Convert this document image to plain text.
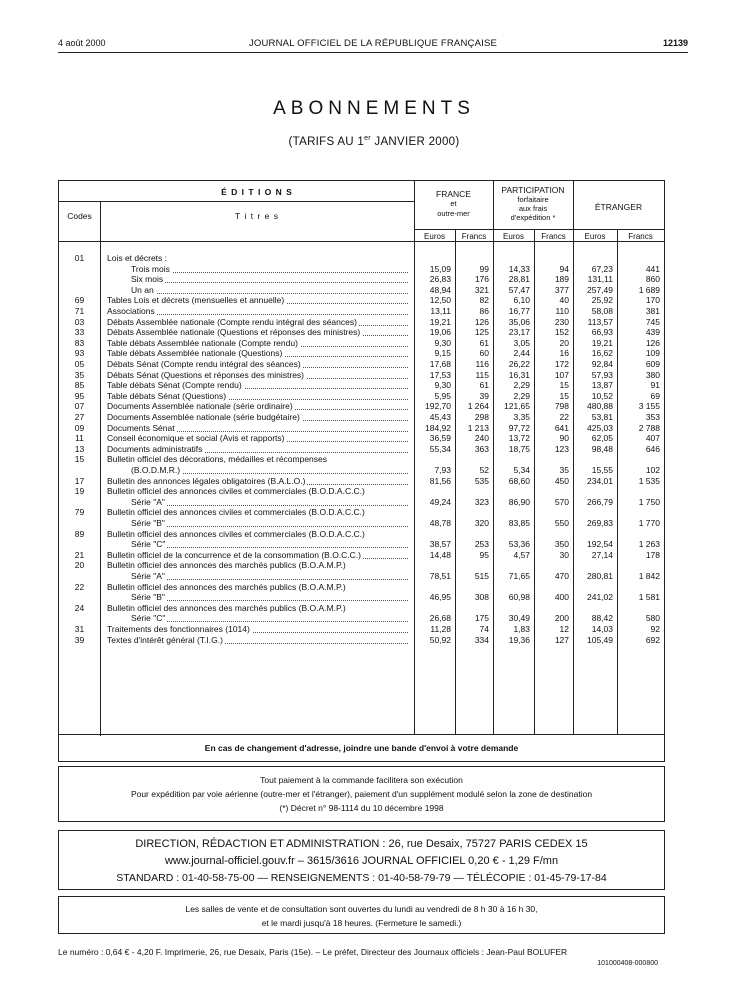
4 août 2000	JOURNAL OFFICIEL DE LA RÉPUBLIQUE FRANÇAISE	12139
ABONNEMENTS
(TARIFS AU 1er JANVIER 2000)
É D I T I O N S
Codes	T i t r e s
FRANCE
et
outre-mer
PARTICIPATION
forfaitaire
aux frais
d'expédition *
ÉTRANGER
Euros	Francs	Euros	Francs	Euros	Francs
01	Lois et décrets :
Trois mois	15,09	99	14,33	94	67,23	441
Six mois	26,83	176	28,81	189	131,11	860
Un an	48,94	321	57,47	377	257,49	1 689
69	Tables Lois et décrets (mensuelles et annuelle)	12,50	82	6,10	40	25,92	170
71	Associations	13,11	86	16,77	110	58,08	381
03	Débats Assemblée nationale (Compte rendu intégral des séances)	19,21	126	35,06	230	113,57	745
33	Débats Assemblée nationale (Questions et réponses des ministres)	19,06	125	23,17	152	66,93	439
83	Table débats Assemblée nationale (Compte rendu)	9,30	61	3,05	20	19,21	126
93	Table débats Assemblée nationale (Questions)	9,15	60	2,44	16	16,62	109
05	Débats Sénat (Compte rendu intégral des séances)	17,68	116	26,22	172	92,84	609
35	Débats Sénat (Questions et réponses des ministres)	17,53	115	16,31	107	57,93	380
85	Table débats Sénat (Compte rendu)	9,30	61	2,29	15	13,87	91
95	Table débats Sénat (Questions)	5,95	39	2,29	15	10,52	69
07	Documents Assemblée nationale (série ordinaire)	192,70	1 264	121,65	798	480,88	3 155
27	Documents Assemblée nationale (série budgétaire)	45,43	298	3,35	22	53,81	353
09	Documents Sénat	184,92	1 213	97,72	641	425,03	2 788
11	Conseil économique et social (Avis et rapports)	36,59	240	13,72	90	62,05	407
13	Documents administratifs	55,34	363	18,75	123	98,48	646
15	Bulletin officiel des décorations, médailles et récompenses
(B.O.D.M.R.)	7,93	52	5,34	35	15,55	102
17	Bulletin des annonces légales obligatoires (B.A.L.O.)	81,56	535	68,60	450	234,01	1 535
19	Bulletin officiel des annonces civiles et commerciales (B.O.D.A.C.C.)
Série "A"	49,24	323	86,90	570	266,79	1 750
79	Bulletin officiel des annonces civiles et commerciales (B.O.D.A.C.C.)
Série "B"	48,78	320	83,85	550	269,83	1 770
89	Bulletin officiel des annonces civiles et commerciales (B.O.D.A.C.C.)
Série "C"	38,57	253	53,36	350	192,54	1 263
21	Bulletin officiel de la concurrence et de la consommation (B.O.C.C.)	14,48	95	4,57	30	27,14	178
20	Bulletin officiel des annonces des marchés publics (B.O.A.M.P.)
Série "A"	78,51	515	71,65	470	280,81	1 842
22	Bulletin officiel des annonces des marchés publics (B.O.A.M.P.)
Série "B"	46,95	308	60,98	400	241,02	1 581
24	Bulletin officiel des annonces des marchés publics (B.O.A.M.P.)
Série "C"	26,68	175	30,49	200	88,42	580
31	Traitements des fonctionnaires (1014)	11,28	74	1,83	12	14,03	92
39	Textes d'intérêt général (T.I.G.)	50,92	334	19,36	127	105,49	692
En cas de changement d'adresse, joindre une bande d'envoi à votre demande
Tout paiement à la commande facilitera son exécution
Pour expédition par voie aérienne (outre-mer et l'étranger), paiement d'un supplément modulé selon la zone de destination
(*) Décret n° 98-1114 du 10 décembre 1998
DIRECTION, RÉDACTION ET ADMINISTRATION : 26, rue Desaix, 75727 PARIS CEDEX 15
www.journal-officiel.gouv.fr – 3615/3616 JOURNAL OFFICIEL 0,20 € - 1,29 F/mn
STANDARD : 01-40-58-75-00 — RENSEIGNEMENTS : 01-40-58-79-79 — TÉLÉCOPIE : 01-45-79-17-84
Les salles de vente et de consultation sont ouvertes du lundi au vendredi de 8 h 30 à 16 h 30,
et le mardi jusqu'à 18 heures. (Fermeture le samedi.)
Le numéro : 0,64 € - 4,20 F. Imprimerie, 26, rue Desaix, Paris (15e). – Le préfet, Directeur des Journaux officiels : Jean-Paul BOLUFER
101000408-000800
